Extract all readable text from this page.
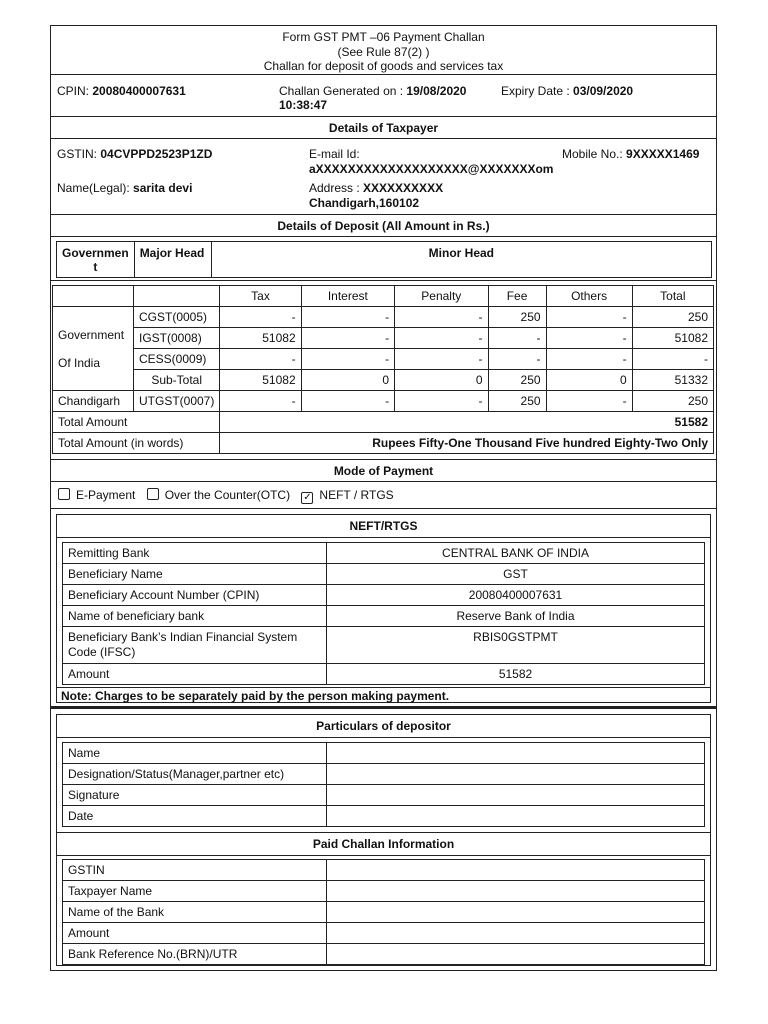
Form GST PMT –06 Payment Challan
(See Rule 87(2) )
Challan for deposit of goods and services tax
CPIN: 20080400007631	Challan Generated on : 19/08/2020
10:38:47
Expiry Date : 03/09/2020
Details of Taxpayer
GSTIN: 04CVPPD2523P1ZD	E-mail Id:
aXXXXXXXXXXXXXXXXXXX@XXXXXXXom
Mobile No.: 9XXXXX1469
Name(Legal): sarita devi	Address : XXXXXXXXXX
Chandigarh,160102
Details of Deposit (All Amount in Rs.)
Governmen
t	Major Head	Minor Head
		Tax	Interest	Penalty	Fee	Others	Total
Government
Of India	CGST(0005)	-	-	-	250	-	250
	IGST(0008)	51082	-	-	-	-	51082
	CESS(0009)	-	-	-	-	-	-
	Sub-Total	51082	0	0	250	0	51332
Chandigarh	UTGST(0007)	-	-	-	250	-	250
Total Amount		51582					
Total Amount (in words)		Rupees Fifty-One Thousand Five hundred Eighty-Two Only					
Mode of Payment
E-Payment Over the Counter(OTC) ✓ NEFT / RTGS
NEFT/RTGS
Remitting Bank	CENTRAL BANK OF INDIA
Beneficiary Name	GST
Beneficiary Account Number (CPIN)	20080400007631
Name of beneficiary bank	Reserve Bank of India
Beneficiary Bank’s Indian Financial System Code (IFSC)	RBIS0GSTPMT
Amount	51582
Note: Charges to be separately paid by the person making payment.
Particulars of depositor
Name	
Designation/Status(Manager,partner etc)	
Signature	
Date	
Paid Challan Information
GSTIN	
Taxpayer Name	
Name of the Bank	
Amount	
Bank Reference No.(BRN)/UTR	
